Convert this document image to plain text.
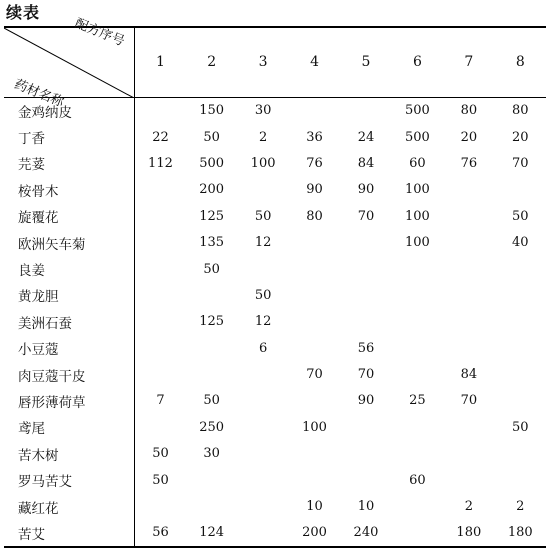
续表
配方序号
药材名称	1	2	3	4	5	6	7	8
金鸡纳皮		150	30			500	80	80
丁香	22	50	2	36	24	500	20	20
芫荽	112	500	100	76	84	60	76	70
桉骨木		200		90	90	100		
旋覆花		125	50	80	70	100		50
欧洲矢车菊		135	12			100		40
良姜		50						
黄龙胆			50					
美洲石蚕		125	12					
小豆蔻			6		56			
肉豆蔻干皮				70	70		84	
唇形薄荷草	7	50			90	25	70	
鸢尾		250		100				50
苦木树	50	30						
罗马苦艾	50					60		
藏红花				10	10		2	2
苦艾	56	124		200	240		180	180
